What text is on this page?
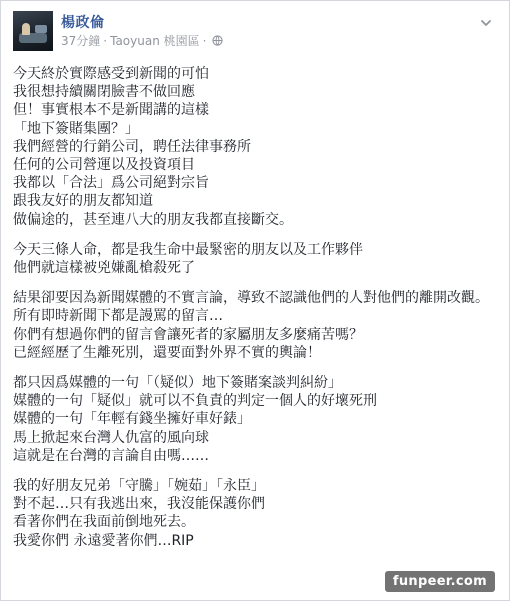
楊政倫
37分鐘 · Taoyuan 桃園區 ·
今天終於實際感受到新聞的可怕
我很想持續關閉臉書不做回應
但！事實根本不是新聞講的這樣
「地下簽賭集團？」
我們經營的行銷公司，聘任法律事務所
任何的公司營運以及投資項目
我都以「合法」爲公司絕對宗旨
跟我友好的朋友都知道
做偏途的，甚至連八大的朋友我都直接斷交。
今天三條人命，都是我生命中最緊密的朋友以及工作夥伴
他們就這樣被兇嫌亂槍殺死了
結果卻要因為新聞媒體的不實言論，導致不認識他們的人對他們的離開改觀。
所有即時新聞下都是謾罵的留言…
你們有想過你們的留言會讓死者的家屬朋友多麼痛苦嗎？
已經經歷了生離死別，還要面對外界不實的輿論！
都只因爲媒體的一句「（疑似）地下簽賭案談判糾紛」
媒體的一句「疑似」就可以不負責的判定一個人的好壞死刑
媒體的一句「年輕有錢坐擁好車好錶」
馬上掀起來台灣人仇富的風向球
這就是在台灣的言論自由嗎……
我的好朋友兄弟「守騰」「婉茹」「永臣」
對不起…只有我逃出來，我沒能保護你們
看著你們在我面前倒地死去。
我愛你們 永遠愛著你們…RIP
funpeer.com
